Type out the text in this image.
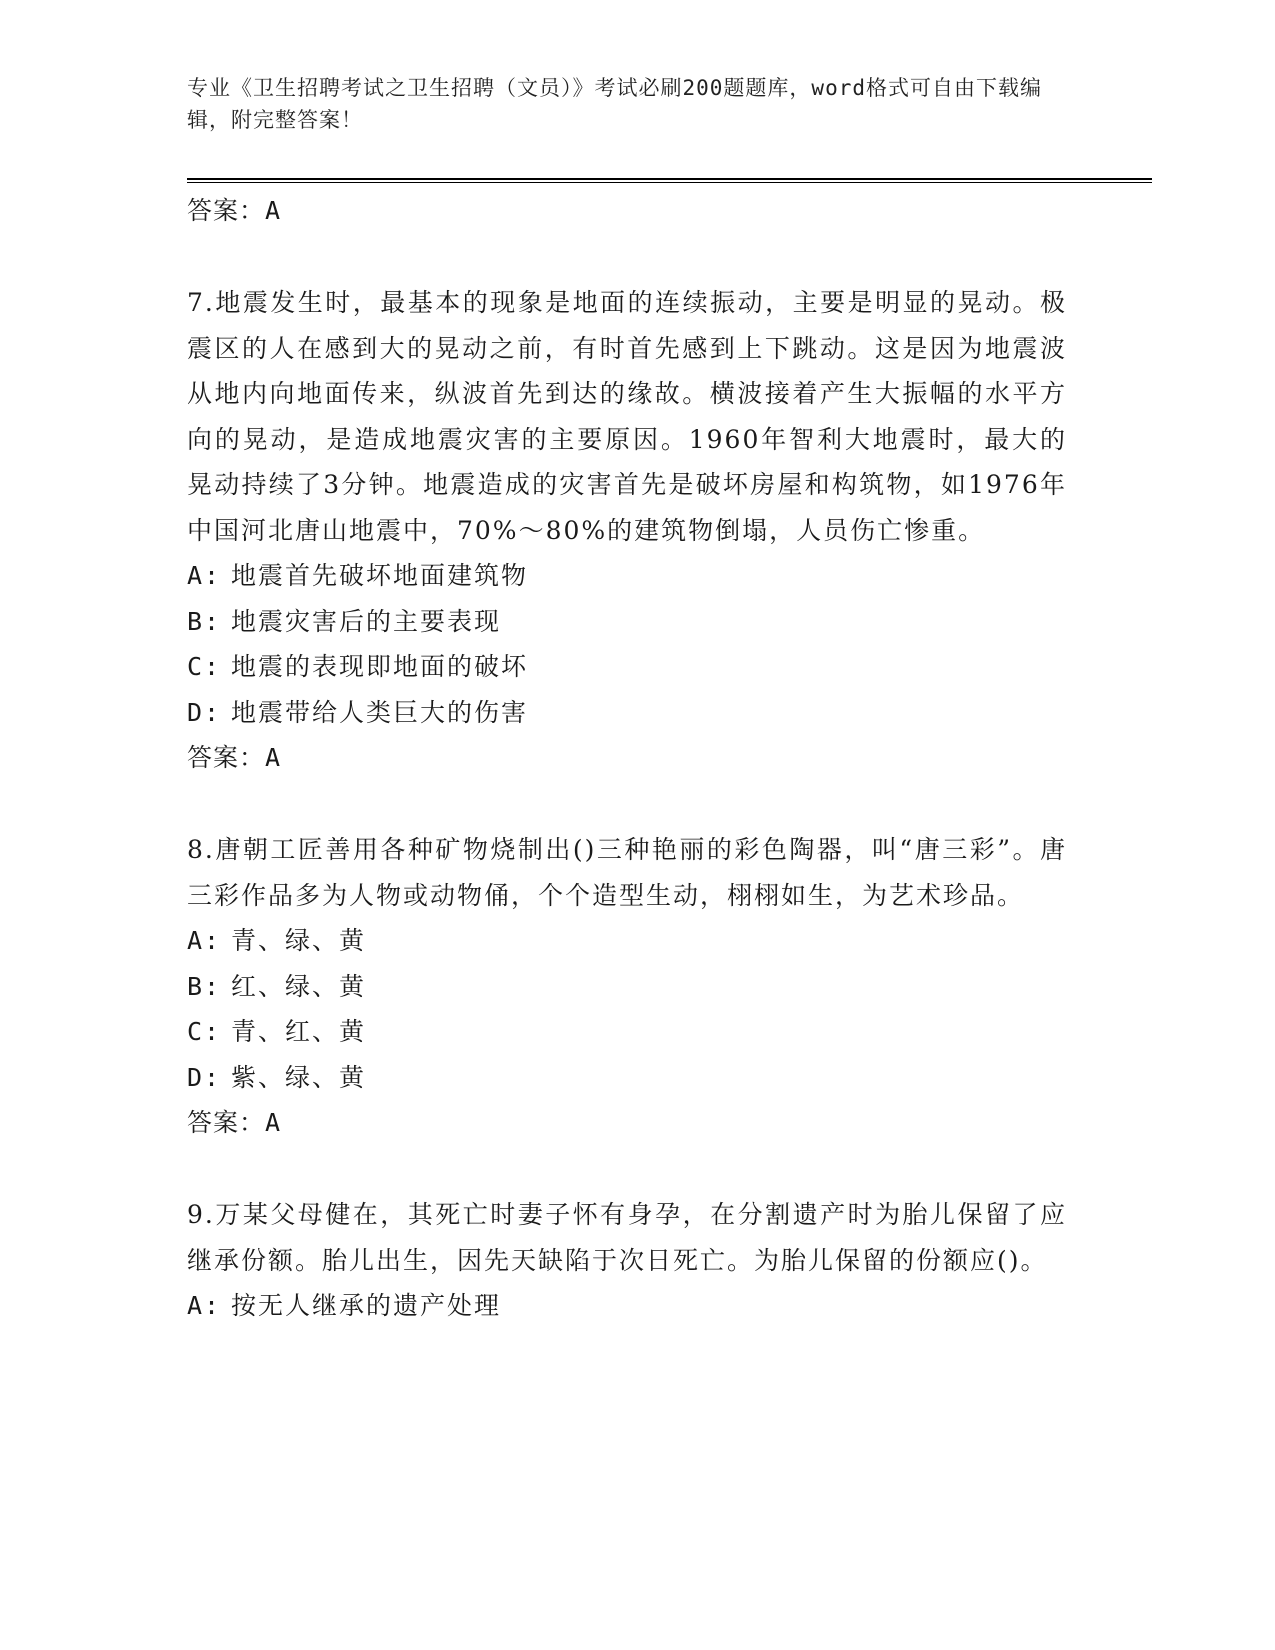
专业《卫生招聘考试之卫生招聘（文员）》考试必刷200题题库，word格式可自由下载编辑，附完整答案！
答案：A

7.地震发生时，最基本的现象是地面的连续振动，主要是明显的晃动。极震区的人在感到大的晃动之前，有时首先感到上下跳动。这是因为地震波从地内向地面传来，纵波首先到达的缘故。横波接着产生大振幅的水平方向的晃动，是造成地震灾害的主要原因。1960年智利大地震时，最大的晃动持续了3分钟。地震造成的灾害首先是破坏房屋和构筑物，如1976年中国河北唐山地震中，70%～80%的建筑物倒塌，人员伤亡惨重。

A: 地震首先破坏地面建筑物
B: 地震灾害后的主要表现
C: 地震的表现即地面的破坏
D: 地震带给人类巨大的伤害
答案：A

8.唐朝工匠善用各种矿物烧制出()三种艳丽的彩色陶器，叫“唐三彩”。唐三彩作品多为人物或动物俑，个个造型生动，栩栩如生，为艺术珍品。

A: 青、绿、黄
B: 红、绿、黄
C: 青、红、黄
D: 紫、绿、黄
答案：A

9.万某父母健在，其死亡时妻子怀有身孕，在分割遗产时为胎儿保留了应继承份额。胎儿出生，因先天缺陷于次日死亡。为胎儿保留的份额应()。

A: 按无人继承的遗产处理
